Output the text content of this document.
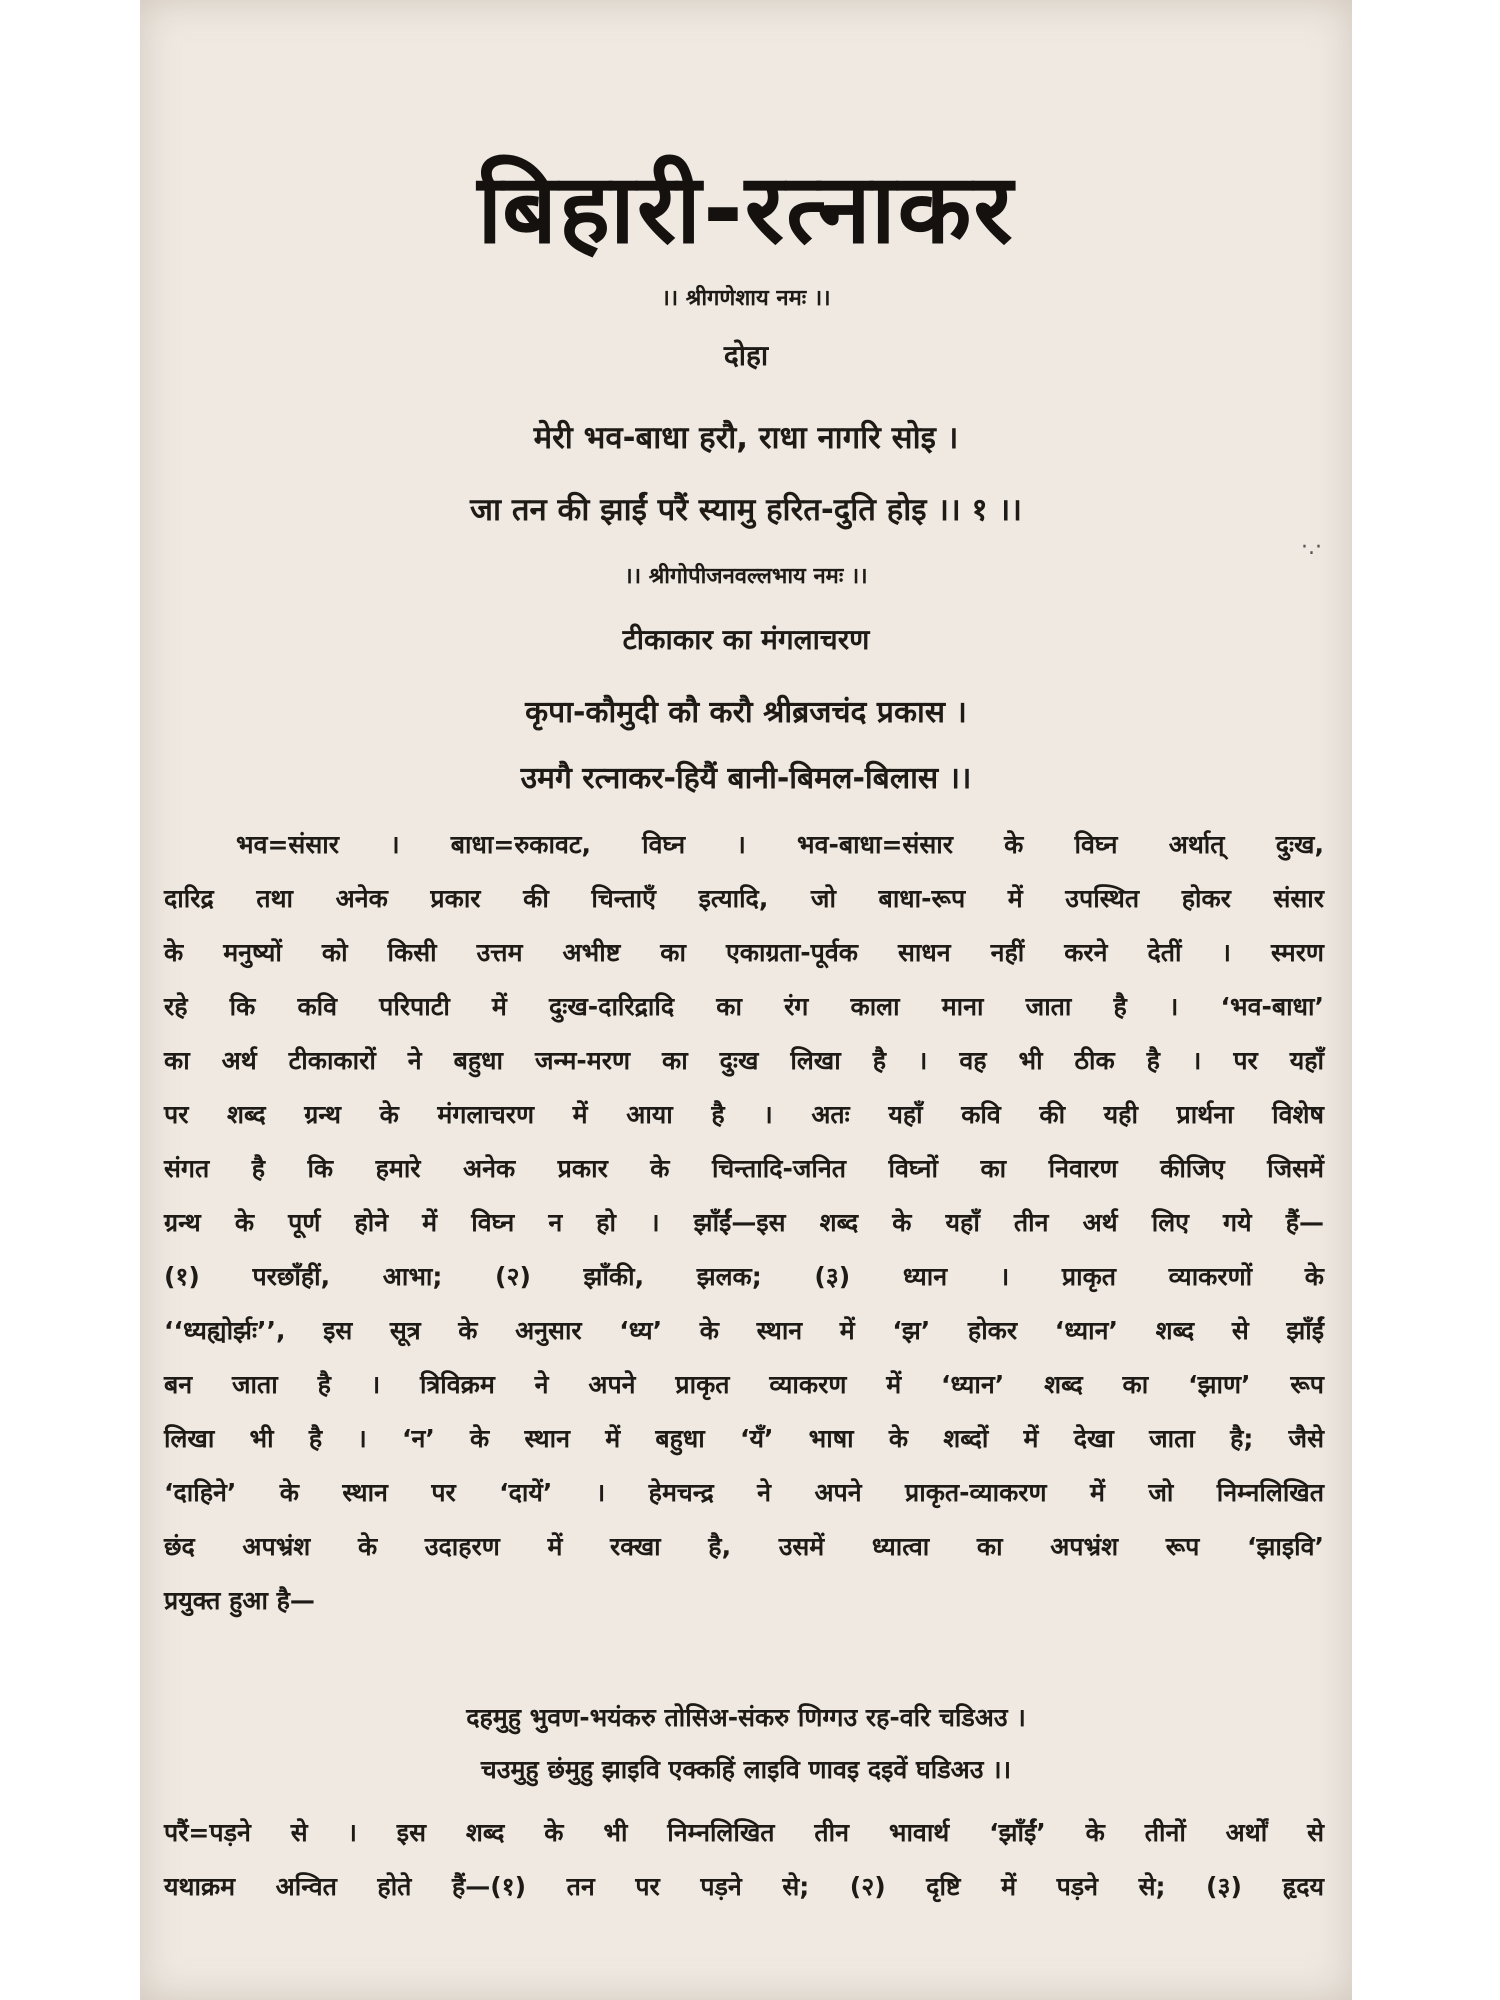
·.·
बिहारी-रत्नाकर
।। श्रीगणेशाय नमः ।।
दोहा
मेरी भव-बाधा हरौ, राधा नागरि सोइ ।
जा तन की झाईं परैं स्यामु हरित-दुति होइ ।। १ ।।
।। श्रीगोपीजनवल्लभाय नमः ।।
टीकाकार का मंगलाचरण
कृपा-कौमुदी कौ करौ श्रीब्रजचंद प्रकास ।
उमगै रत्नाकर-हियैं बानी-बिमल-बिलास ।।
भव=संसार । बाधा=रुकावट, विघ्न । भव-बाधा=संसार के विघ्न अर्थात् दुःख,
दारिद्र तथा अनेक प्रकार की चिन्ताएँ इत्यादि, जो बाधा-रूप में उपस्थित होकर संसार
के मनुष्यों को किसी उत्तम अभीष्ट का एकाग्रता-पूर्वक साधन नहीं करने देतीं । स्मरण
रहे कि कवि परिपाटी में दुःख-दारिद्रादि का रंग काला माना जाता है । ‘भव-बाधा’
का अर्थ टीकाकारों ने बहुधा जन्म-मरण का दुःख लिखा है । वह भी ठीक है । पर यहाँ
पर शब्द ग्रन्थ के मंगलाचरण में आया है । अतः यहाँ कवि की यही प्रार्थना विशेष
संगत है कि हमारे अनेक प्रकार के चिन्तादि-जनित विघ्नों का निवारण कीजिए जिसमें
ग्रन्थ के पूर्ण होने में विघ्न न हो । झाँईं—इस शब्द के यहाँ तीन अर्थ लिए गये हैं—
(१) परछाँहीं, आभा; (२) झाँकी, झलक; (३) ध्यान । प्राकृत व्याकरणों के
‘‘ध्यह्योर्झः’’, इस सूत्र के अनुसार ‘ध्य’ के स्थान में ‘झ’ होकर ‘ध्यान’ शब्द से झाँईं
बन जाता है । त्रिविक्रम ने अपने प्राकृत व्याकरण में ‘ध्यान’ शब्द का ‘झाण’ रूप
लिखा भी है । ‘न’ के स्थान में बहुधा ‘यँ’ भाषा के शब्दों में देखा जाता है; जैसे
‘दाहिने’ के स्थान पर ‘दायें’ । हेमचन्द्र ने अपने प्राकृत-व्याकरण में जो निम्नलिखित
छंद अपभ्रंश के उदाहरण में रक्खा है, उसमें ध्यात्वा का अपभ्रंश रूप ‘झाइवि’
प्रयुक्त हुआ है—
दहमुहु भुवण-भयंकरु तोसिअ-संकरु णिग्गउ रह-वरि चडिअउ ।
चउमुहु छंमुहु झाइवि एक्कहिं लाइवि णावइ दइवें घडिअउ ।।
परैं=पड़ने से । इस शब्द के भी निम्नलिखित तीन भावार्थ ‘झाँईं’ के तीनों अर्थों से
यथाक्रम अन्वित होते हैं—(१) तन पर पड़ने से; (२) दृष्टि में पड़ने से; (३) हृदय
